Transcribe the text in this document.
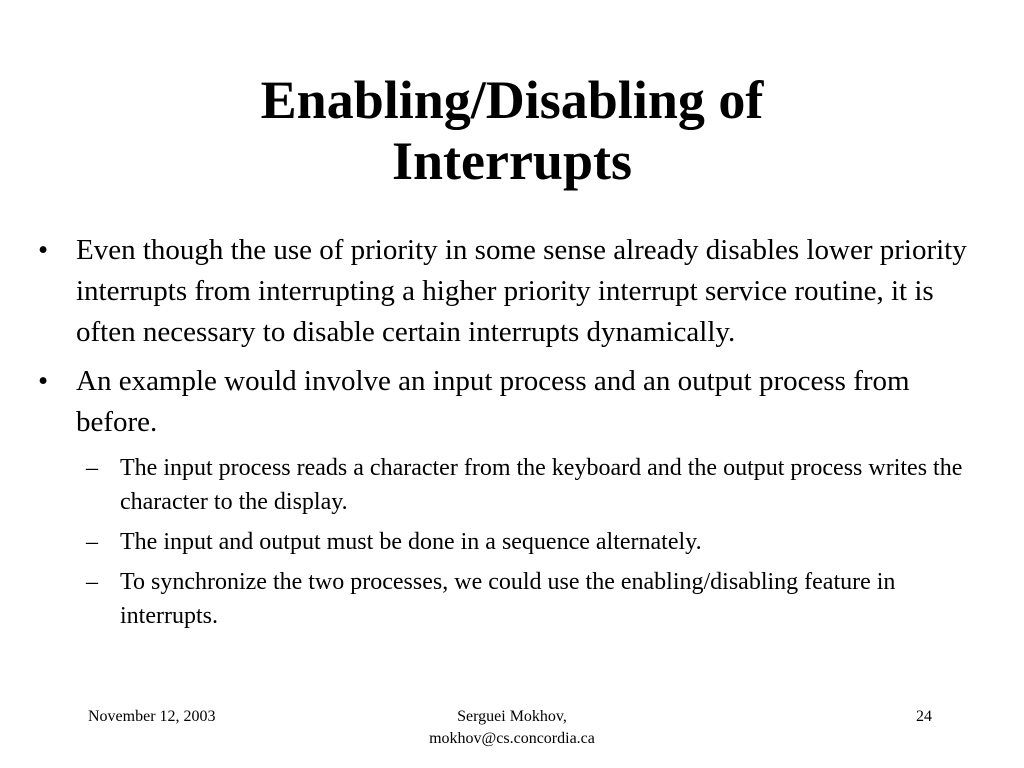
Enabling/Disabling of
Interrupts
• Even though the use of priority in some sense already disables lower priority interrupts from interrupting a higher priority interrupt service routine, it is often necessary to disable certain interrupts dynamically.
• An example would involve an input process and an output process from before.
– The input process reads a character from the keyboard and the output process writes the character to the display.
– The input and output must be done in a sequence alternately.
– To synchronize the two processes, we could use the enabling/disabling feature in interrupts.
November 12, 2003	Serguei Mokhov,
mokhov@cs.concordia.ca
24
